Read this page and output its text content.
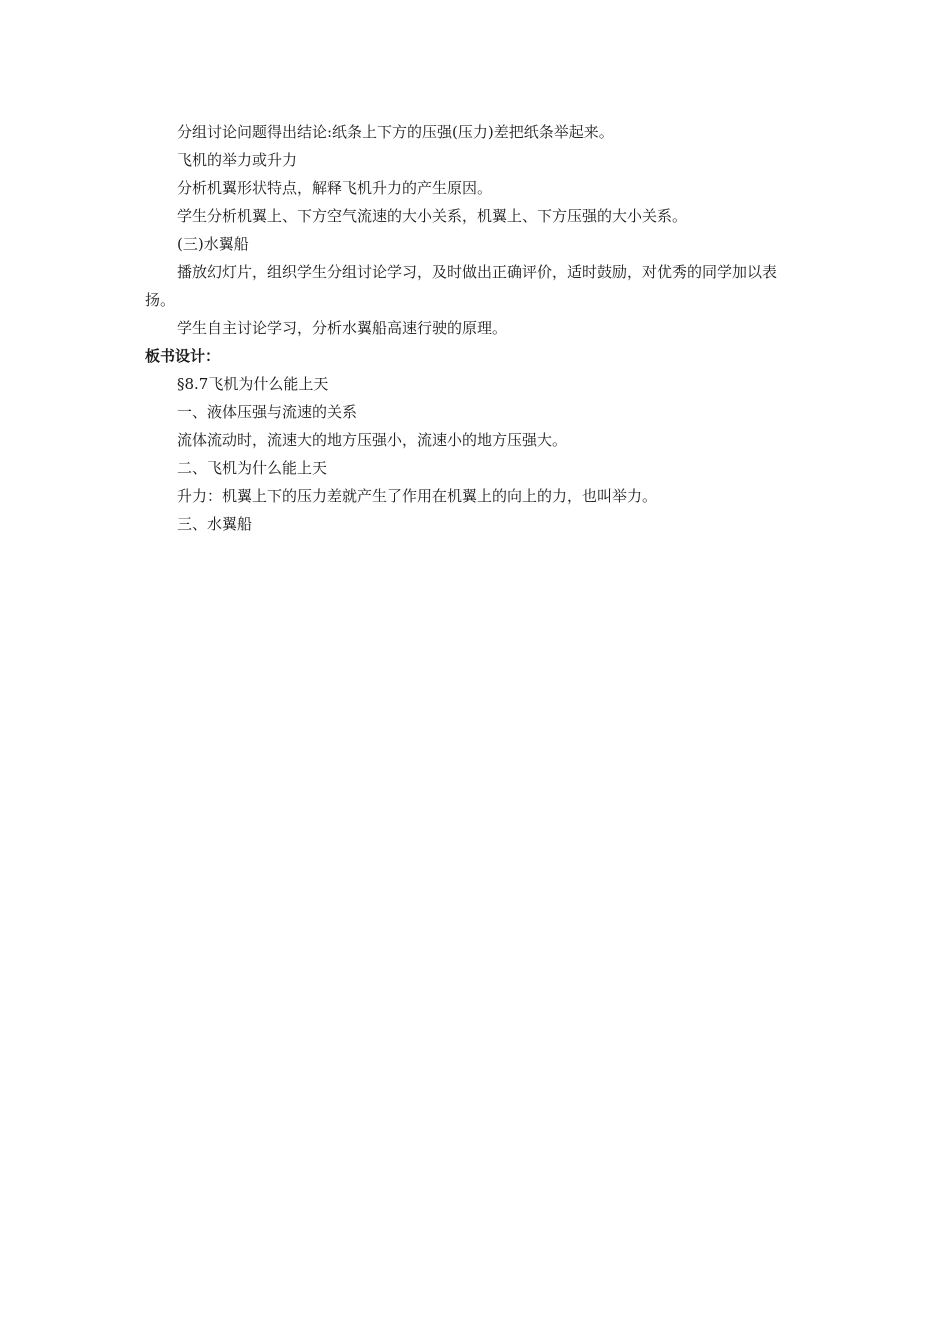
分组讨论问题得出结论:纸条上下方的压强(压力)差把纸条举起来。

飞机的举力或升力

分析机翼形状特点，解释飞机升力的产生原因。

学生分析机翼上、下方空气流速的大小关系，机翼上、下方压强的大小关系。

(三)水翼船

播放幻灯片，组织学生分组讨论学习，及时做出正确评价，适时鼓励，对优秀的同学加以表扬。

学生自主讨论学习，分析水翼船高速行驶的原理。

板书设计：

§8.7飞机为什么能上天

一、液体压强与流速的关系

流体流动时，流速大的地方压强小，流速小的地方压强大。

二、飞机为什么能上天

升力：机翼上下的压力差就产生了作用在机翼上的向上的力，也叫举力。

三、水翼船
